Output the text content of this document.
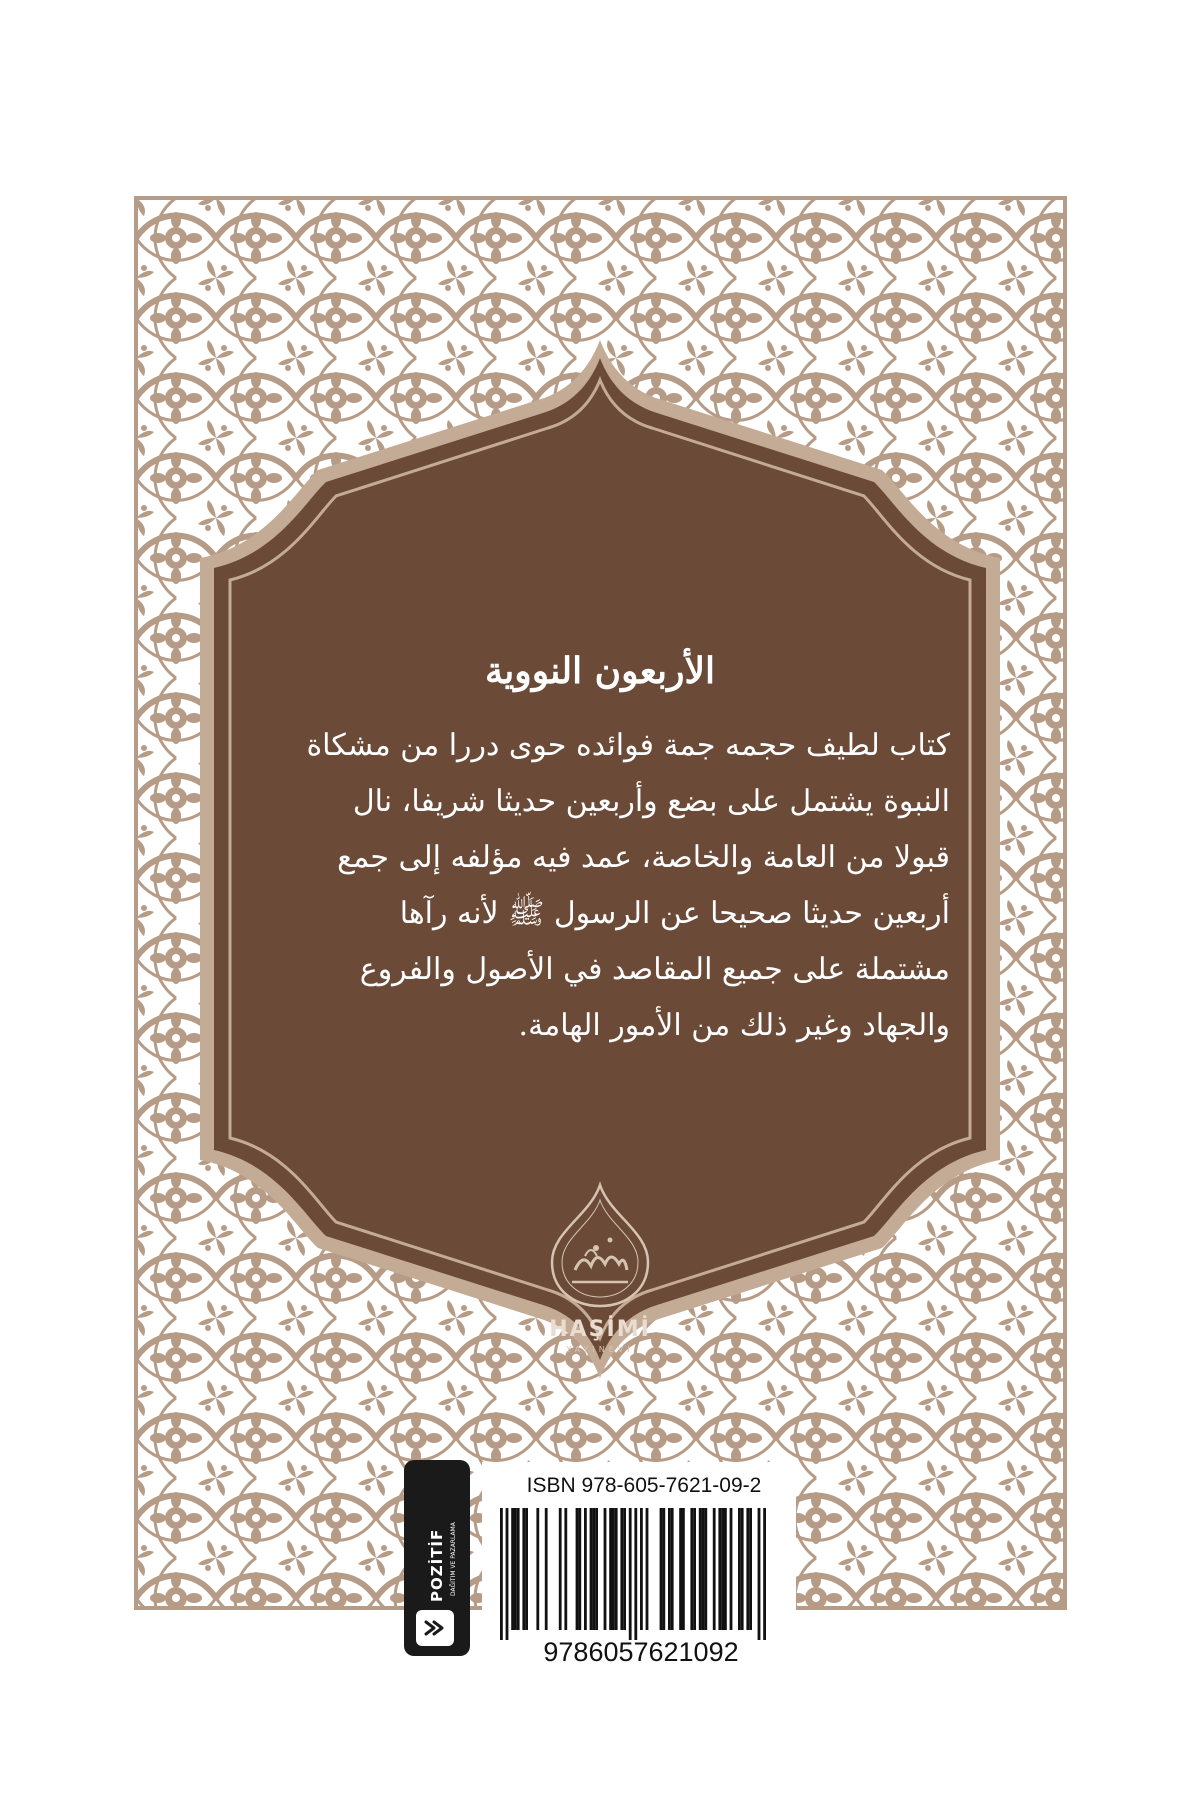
الأربعون النووية
كتاب لطيف حجمه جمة فوائده حوى دررا من مشكاة
النبوة يشتمل على بضع وأربعين حديثا شريفا، نال
قبولا من العامة والخاصة، عمد فيه مؤلفه إلى جمع
أربعين حديثا صحيحا عن الرسول ﷺ لأنه رآها
مشتملة على جميع المقاصد في الأصول والفروع
والجهاد وغير ذلك من الأمور الهامة.
HAŞİMİ
YAYINEVİ
POZİTİF DAĞITIM VE PAZARLAMA
ISBN 978-605-7621-09-2
9786057621092
